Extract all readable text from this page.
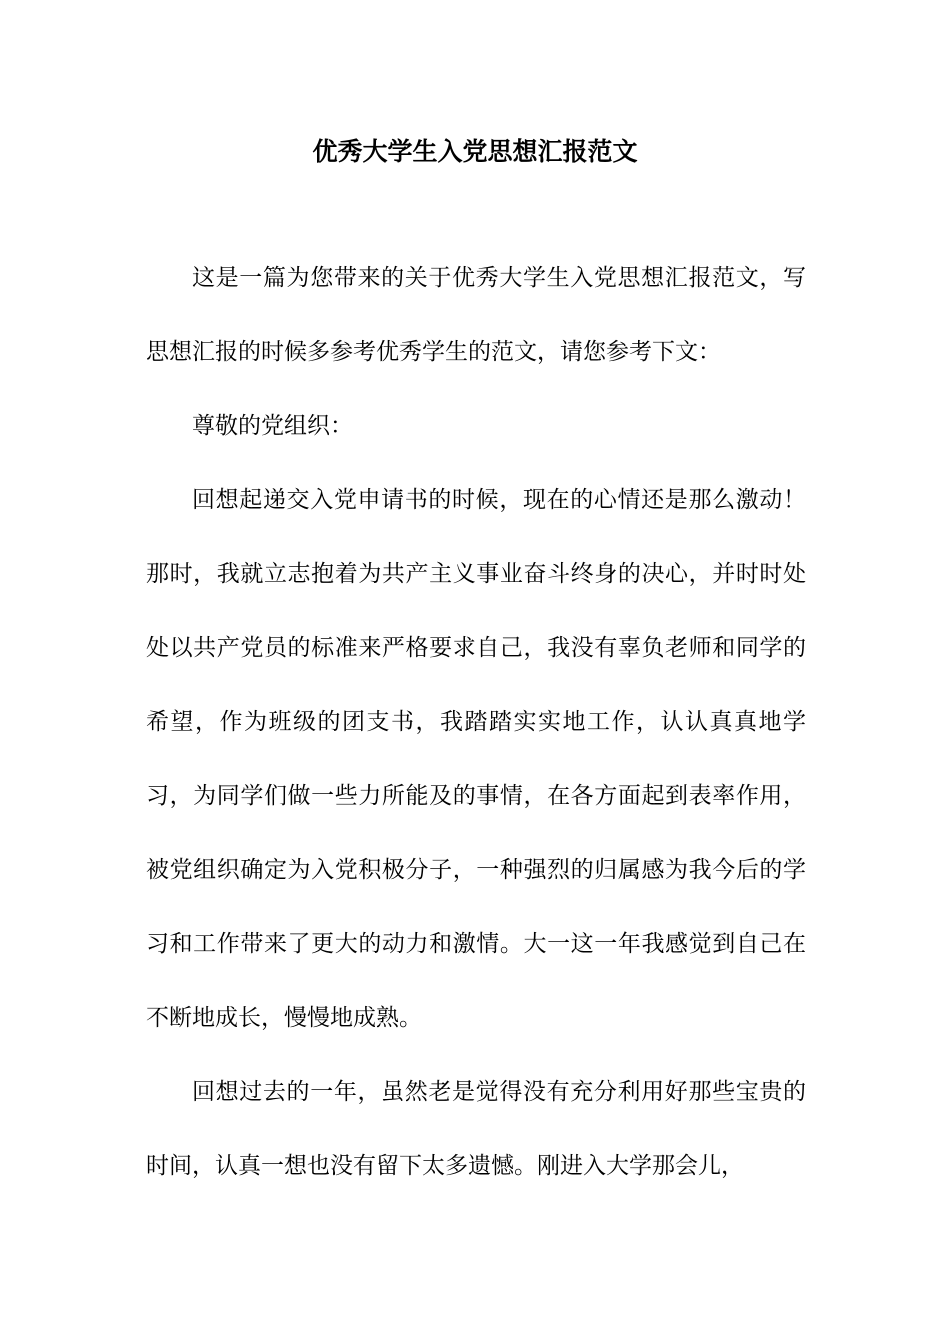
优秀大学生入党思想汇报范文

这是一篇为您带来的关于优秀大学生入党思想汇报范文，写思想汇报的时候多参考优秀学生的范文，请您参考下文：

尊敬的党组织：

回想起递交入党申请书的时候，现在的心情还是那么激动！那时，我就立志抱着为共产主义事业奋斗终身的决心，并时时处处以共产党员的标准来严格要求自己，我没有辜负老师和同学的希望，作为班级的团支书，我踏踏实实地工作，认认真真地学习，为同学们做一些力所能及的事情，在各方面起到表率作用，被党组织确定为入党积极分子，一种强烈的归属感为我今后的学习和工作带来了更大的动力和激情。大一这一年我感觉到自己在不断地成长，慢慢地成熟。

回想过去的一年，虽然老是觉得没有充分利用好那些宝贵的时间，认真一想也没有留下太多遗憾。刚进入大学那会儿，
